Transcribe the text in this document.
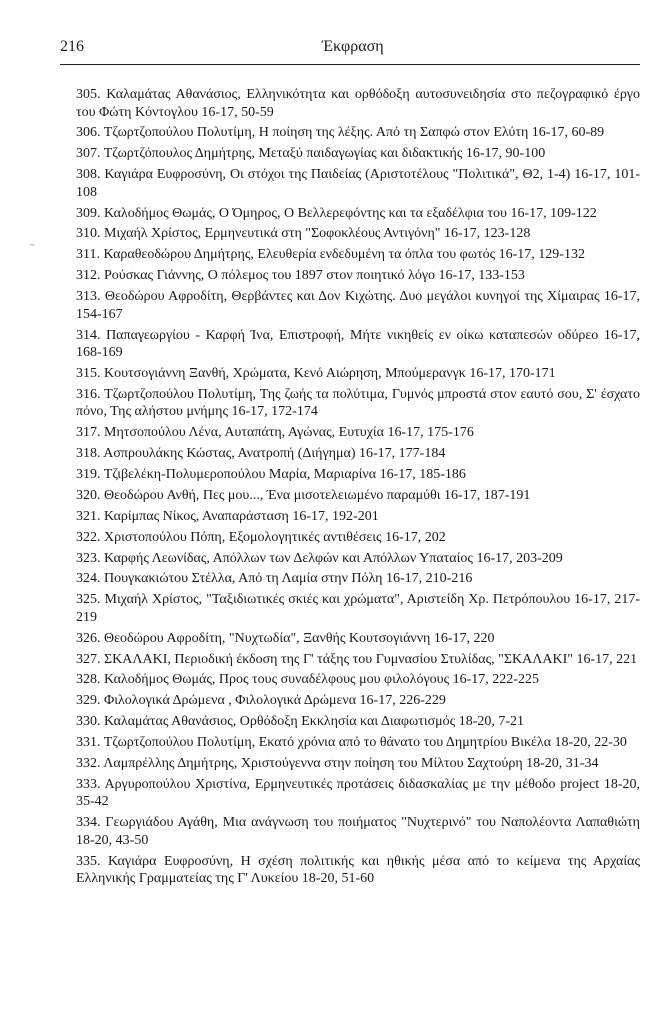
216	Έκφραση
~
305. Καλαμάτας Αθανάσιος, Ελληνικότητα και ορθόδοξη αυτοσυνειδησία στο πεζογραφικό έργο του Φώτη Κόντογλου 16-17, 50-59
306. Τζωρτζοπούλου Πολυτίμη, Η ποίηση της λέξης. Από τη Σαπφώ στον Ελύτη 16-17, 60-89
307. Τζωρτζόπουλος Δημήτρης, Μεταξύ παιδαγωγίας και διδακτικής 16-17, 90-100
308. Καγιάρα Ευφροσύνη, Οι στόχοι της Παιδείας (Αριστοτέλους "Πολιτικά", Θ2, 1-4) 16-17, 101-108
309. Καλοδήμος Θωμάς, Ο Όμηρος, Ο Βελλερεφόντης και τα εξαδέλφια του 16-17, 109-122
310. Μιχαήλ Χρίστος, Ερμηνευτικά στη "Σοφοκλέους Αντιγόνη" 16-17, 123-128
311. Καραθεοδώρου Δημήτρης, Ελευθερία ενδεδυμένη τα όπλα του φωτός 16-17, 129-132
312. Ρούσκας Γιάννης, Ο πόλεμος του 1897 στον ποιητικό λόγο 16-17, 133-153
313. Θεοδώρου Αφροδίτη, Θερβάντες και Δον Κιχώτης. Δυο μεγάλοι κυνηγοί της Χίμαιρας 16-17, 154-167
314. Παπαγεωργίου - Καρφή Ίνα, Επιστροφή, Μήτε νικηθείς εν οίκω καταπεσών οδύρεο 16-17, 168-169
315. Κουτσογιάννη Ξανθή, Χρώματα, Κενό Αιώρηση, Μπούμερανγκ 16-17, 170-171
316. Τζωρτζοπούλου Πολυτίμη, Της ζωής τα πολύτιμα, Γυμνός μπροστά στον εαυτό σου, Σ' έσχατο πόνο, Της αλήστου μνήμης 16-17, 172-174
317. Μητσοπούλου Λένα, Αυταπάτη, Αγώνας, Ευτυχία 16-17, 175-176
318. Ασπρουλάκης Κώστας, Ανατροπή (Διήγημα) 16-17, 177-184
319. Τζιβελέκη-Πολυμεροπούλου Μαρία, Μαριαρίνα 16-17, 185-186
320. Θεοδώρου Ανθή, Πες μου..., Ένα μισοτελειωμένο παραμύθι 16-17, 187-191
321. Καρίμπας Νίκος, Αναπαράσταση 16-17, 192-201
322. Χριστοπούλου Πόπη, Εξομολογητικές αντιθέσεις 16-17, 202
323. Καρφής Λεωνίδας, Απόλλων των Δελφών και Απόλλων Υπαταίος 16-17, 203-209
324. Πουγκακιώτου Στέλλα, Από τη Λαμία στην Πόλη 16-17, 210-216
325. Μιχαήλ Χρίστος, "Ταξιδιωτικές σκιές και χρώματα", Αριστείδη Χρ. Πετρόπουλου 16-17, 217-219
326. Θεοδώρου Αφροδίτη, "Νυχτωδία", Ξανθής Κουτσογιάννη 16-17, 220
327. ΣΚΑΛΑΚΙ, Περιοδική έκδοση της Γ' τάξης του Γυμνασίου Στυλίδας, "ΣΚΑΛΑΚΙ" 16-17, 221
328. Καλοδήμος Θωμάς, Προς τους συναδέλφους μου φιλολόγους 16-17, 222-225
329. Φιλολογικά Δρώμενα , Φιλολογικά Δρώμενα 16-17, 226-229
330. Καλαμάτας Αθανάσιος, Ορθόδοξη Εκκλησία και Διαφωτισμός 18-20, 7-21
331. Τζωρτζοπούλου Πολυτίμη, Εκατό χρόνια από το θάνατο του Δημητρίου Βικέλα 18-20, 22-30
332. Λαμπρέλλης Δημήτρης, Χριστούγεννα στην ποίηση του Μίλτου Σαχτούρη 18-20, 31-34
333. Αργυροπούλου Χριστίνα, Ερμηνευτικές προτάσεις διδασκαλίας με την μέθοδο project 18-20, 35-42
334. Γεωργιάδου Αγάθη, Μια ανάγνωση του ποιήματος "Νυχτερινό" του Ναπολέοντα Λαπαθιώτη 18-20, 43-50
335. Καγιάρα Ευφροσύνη, Η σχέση πολιτικής και ηθικής μέσα από το κείμενα της Αρχαίας Ελληνικής Γραμματείας της Γ' Λυκείου 18-20, 51-60
